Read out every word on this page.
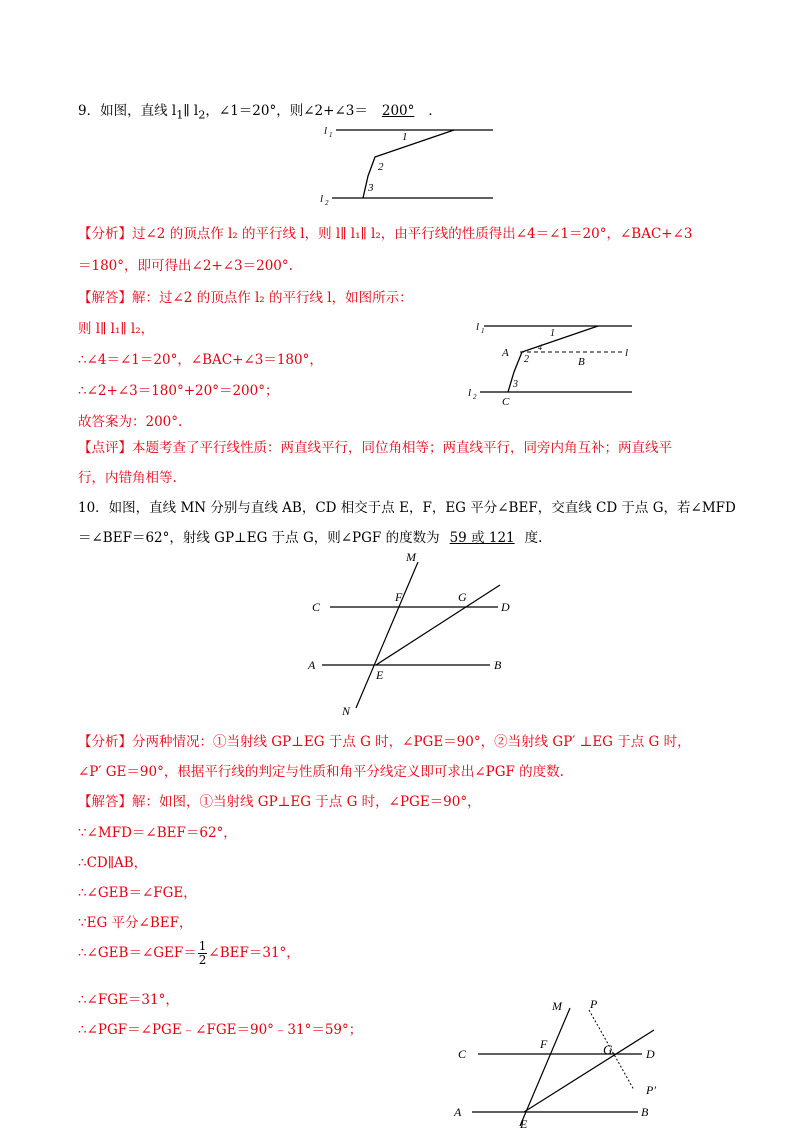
9．如图，直线 $l_1\parallel$ $l_2$，∠1＝20°，则∠2+∠3＝ 200° ．
l 1
l 2
1
2
3
【分析】过∠2 的顶点作 l₂ 的平行线 l，则 l∥ l₁∥ l₂，由平行线的性质得出∠4＝∠1＝20°，∠BAC+∠3
＝180°，即可得出∠2+∠3＝200°.
【解答】解：过∠2 的顶点作 l₂ 的平行线 l，如图所示：
则 l∥ l₁∥ l₂，
∴∠4＝∠1＝20°，∠BAC+∠3＝180°，
∴∠2+∠3＝180°+20°＝200°；
故答案为：200°.
l 1
l 2
1
2
4
3
A
B
C
l
【点评】本题考查了平行线性质：两直线平行，同位角相等；两直线平行，同旁内角互补；两直线平
行，内错角相等.
10．如图，直线 MN 分别与直线 AB，CD 相交于点 E，F，EG 平分∠BEF，交直线 CD 于点 G，若∠MFD
＝∠BEF＝62°，射线 GP⊥EG 于点 G，则∠PGF 的度数为 59 或 121 度.
M
N
C	D
A	B
E
F	G
【分析】分两种情况：①当射线 GP⊥EG 于点 G 时，∠PGE＝90°，②当射线 GP′ ⊥EG 于点 G 时，
∠P′ GE＝90°，根据平行线的判定与性质和角平分线定义即可求出∠PGF 的度数.
【解答】解：如图，①当射线 GP⊥EG 于点 G 时，∠PGE＝90°，
∵∠MFD＝∠BEF＝62°，
∴CD∥AB，
∴∠GEB＝∠FGE，
∵EG 平分∠BEF，
∴∠GEB＝∠GEF＝ $\frac{1}{2}$ ∠BEF＝31°，
∴∠FGE＝31°，
∴∠PGF＝∠PGE﹣∠FGE＝90°﹣31°＝59°；
M P
C	D
F	G
P′
A	B
E
